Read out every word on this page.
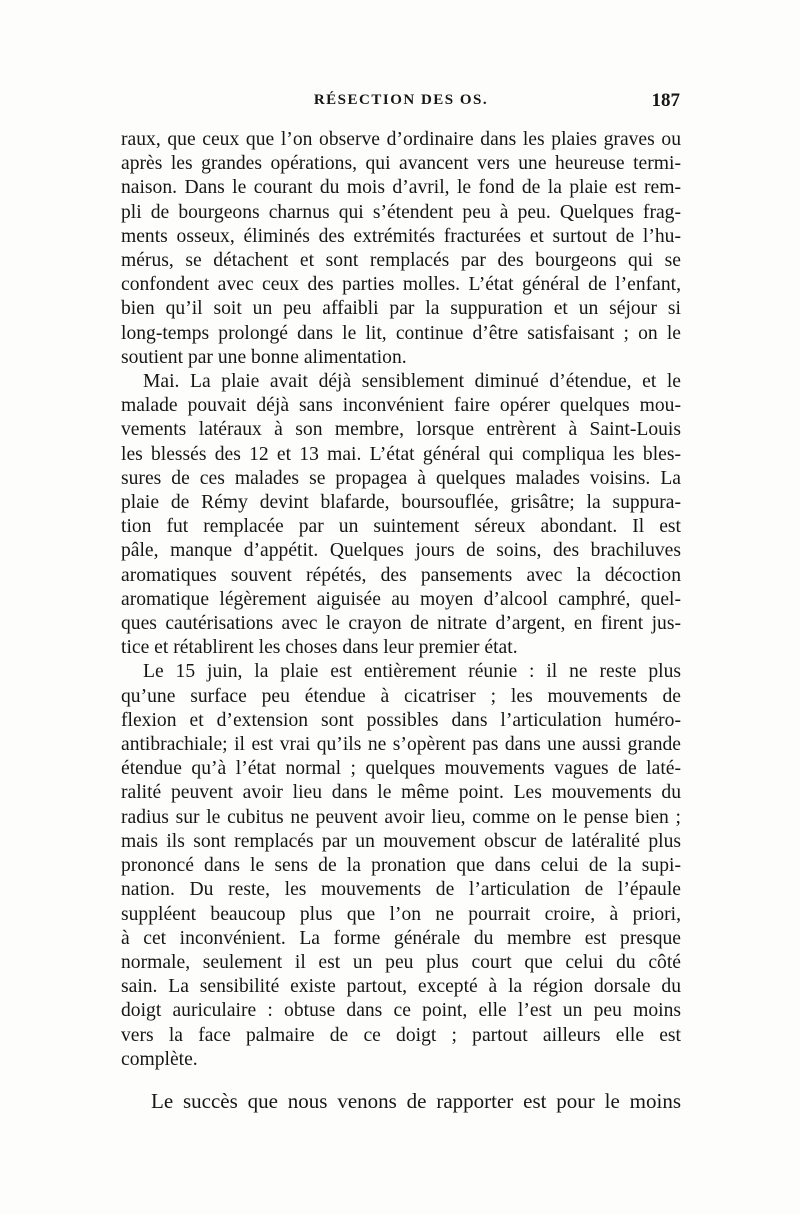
RÉSECTION DES OS.	187

raux, que ceux que l’on observe d’ordinaire dans les plaies graves ou
après les grandes opérations, qui avancent vers une heureuse termi-
naison. Dans le courant du mois d’avril, le fond de la plaie est rem-
pli de bourgeons charnus qui s’étendent peu à peu. Quelques frag-
ments osseux, éliminés des extrémités fracturées et surtout de l’hu-
mérus, se détachent et sont remplacés par des bourgeons qui se
confondent avec ceux des parties molles. L’état général de l’enfant,
bien qu’il soit un peu affaibli par la suppuration et un séjour si
long-temps prolongé dans le lit, continue d’être satisfaisant ; on le
soutient par une bonne alimentation.

Mai. La plaie avait déjà sensiblement diminué d’étendue, et le
malade pouvait déjà sans inconvénient faire opérer quelques mou-
vements latéraux à son membre, lorsque entrèrent à Saint-Louis
les blessés des 12 et 13 mai. L’état général qui compliqua les bles-
sures de ces malades se propagea à quelques malades voisins. La
plaie de Rémy devint blafarde, boursouflée, grisâtre; la suppura-
tion fut remplacée par un suintement séreux abondant. Il est
pâle, manque d’appétit. Quelques jours de soins, des brachiluves
aromatiques souvent répétés, des pansements avec la décoction
aromatique légèrement aiguisée au moyen d’alcool camphré, quel-
ques cautérisations avec le crayon de nitrate d’argent, en firent jus-
tice et rétablirent les choses dans leur premier état.

Le 15 juin, la plaie est entièrement réunie : il ne reste plus
qu’une surface peu étendue à cicatriser ; les mouvements de
flexion et d’extension sont possibles dans l’articulation huméro-
antibrachiale; il est vrai qu’ils ne s’opèrent pas dans une aussi grande
étendue qu’à l’état normal ; quelques mouvements vagues de laté-
ralité peuvent avoir lieu dans le même point. Les mouvements du
radius sur le cubitus ne peuvent avoir lieu, comme on le pense bien ;
mais ils sont remplacés par un mouvement obscur de latéralité plus
prononcé dans le sens de la pronation que dans celui de la supi-
nation. Du reste, les mouvements de l’articulation de l’épaule
suppléent beaucoup plus que l’on ne pourrait croire, à priori,
à cet inconvénient. La forme générale du membre est presque
normale, seulement il est un peu plus court que celui du côté
sain. La sensibilité existe partout, excepté à la région dorsale du
doigt auriculaire : obtuse dans ce point, elle l’est un peu moins
vers la face palmaire de ce doigt ; partout ailleurs elle est
complète.

Le succès que nous venons de rapporter est pour le moins
